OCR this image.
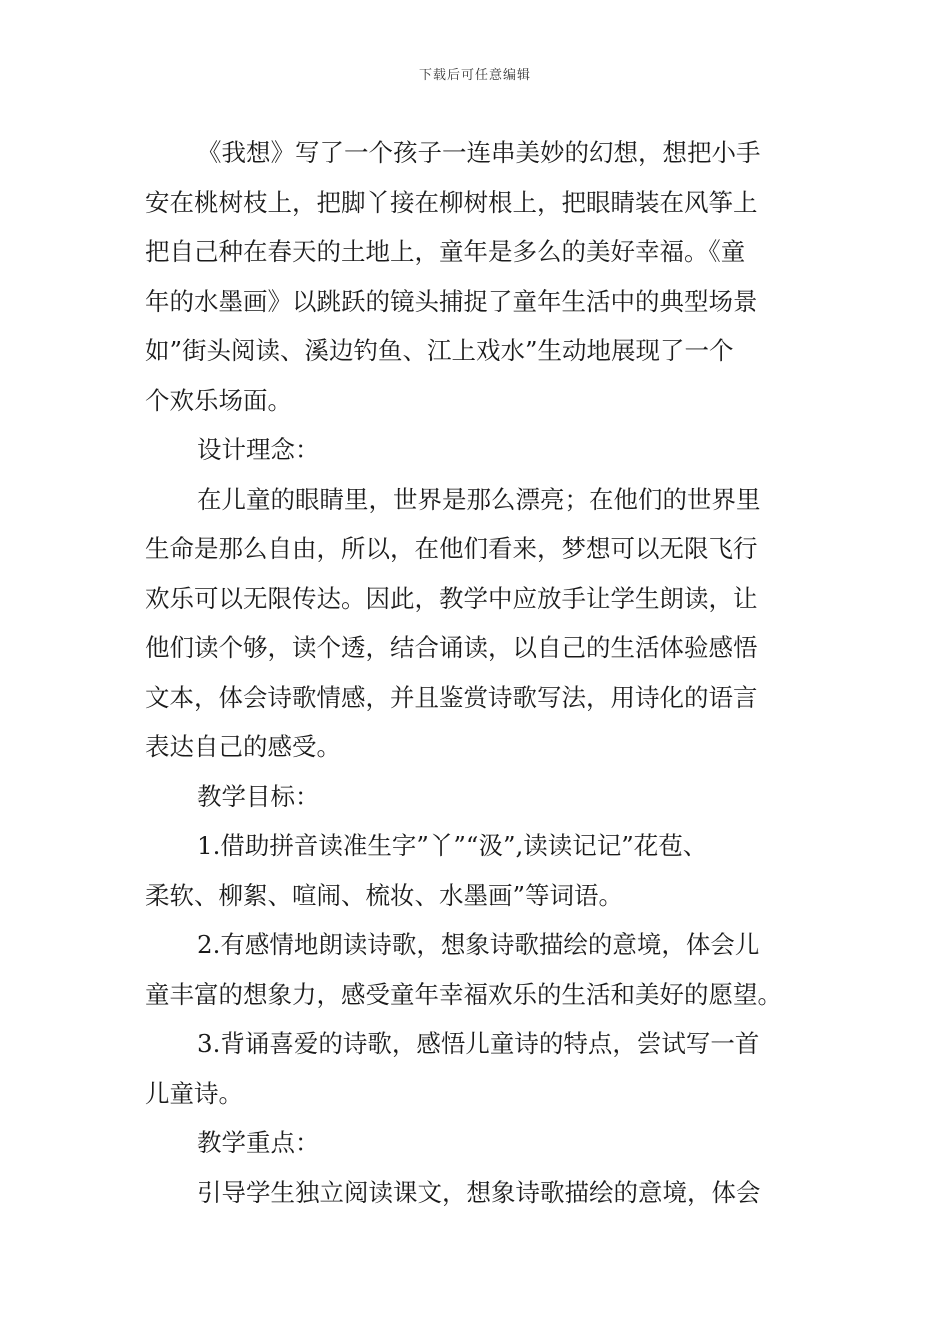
下载后可任意编辑
《我想》写了一个孩子一连串美妙的幻想，想把小手
安在桃树枝上，把脚丫接在柳树根上，把眼睛装在风筝上
把自己种在春天的土地上，童年是多么的美好幸福。《童
年的水墨画》以跳跃的镜头捕捉了童年生活中的典型场景
如”街头阅读、溪边钓鱼、江上戏水”生动地展现了一个
个欢乐场面。
设计理念：
在儿童的眼睛里，世界是那么漂亮；在他们的世界里
生命是那么自由，所以，在他们看来，梦想可以无限飞行
欢乐可以无限传达。因此，教学中应放手让学生朗读，让
他们读个够，读个透，结合诵读，以自己的生活体验感悟
文本，体会诗歌情感，并且鉴赏诗歌写法，用诗化的语言
表达自己的感受。
教学目标：
1.借助拼音读准生字”丫”“汲”,读读记记”花苞、
柔软、柳絮、喧闹、梳妆、水墨画”等词语。
2.有感情地朗读诗歌，想象诗歌描绘的意境，体会儿
童丰富的想象力，感受童年幸福欢乐的生活和美好的愿望。
3.背诵喜爱的诗歌，感悟儿童诗的特点，尝试写一首
儿童诗。
教学重点：
引导学生独立阅读课文，想象诗歌描绘的意境，体会
